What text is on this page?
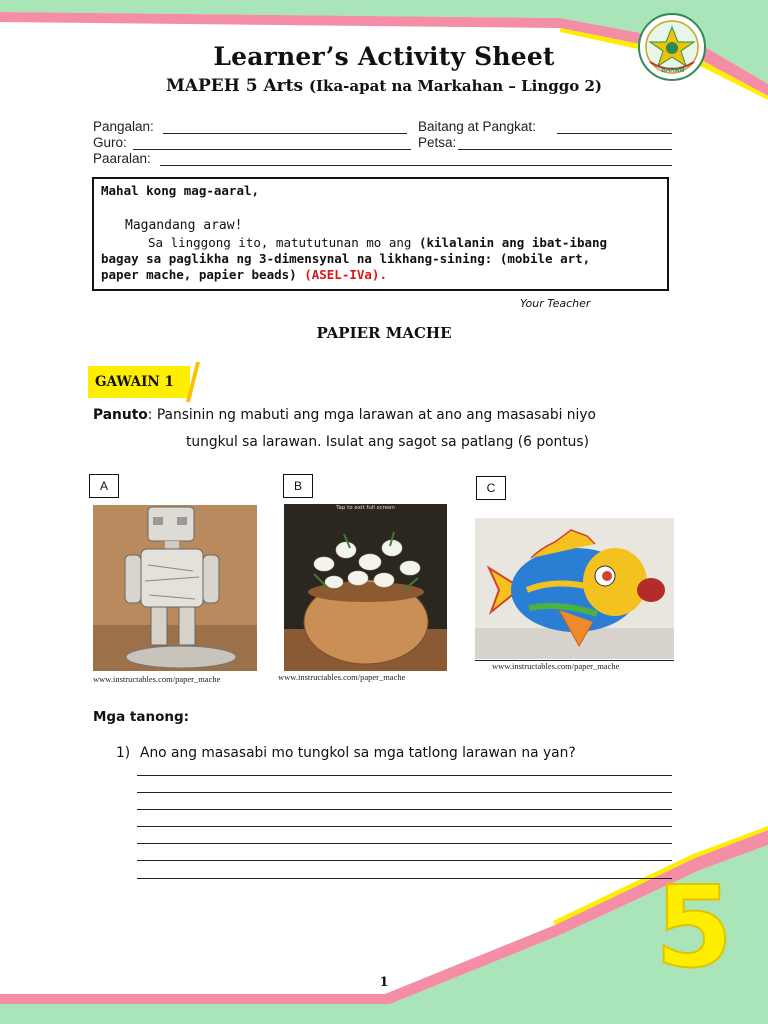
BARMM
Learner’s Activity Sheet
MAPEH 5 Arts (Ika-apat na Markahan – Linggo 2)
Pangalan:	Baitang at Pangkat:
Guro:	Petsa:
Paaralan:
Mahal kong mag-aaral,
Magandang araw!
Sa linggong ito, matututunan mo ang (kilalanin ang ibat-ibang
bagay sa paglikha ng 3-dimensynal na likhang-sining: (mobile art,
paper mache, papier beads) (ASEL-IVa).
Your Teacher
PAPIER MACHE
GAWAIN 1
Panuto: Pansinin ng mabuti ang mga larawan at ano ang masasabi niyo
tungkul sa larawan. Isulat ang sagot sa patlang (6 pontus)
A
www.instructables.com/paper_mache
B
Tap to exit full screen
www.instructables.com/paper_mache
C
www.instructables.com/paper_mache
Mga tanong:
1) Ano ang masasabi mo tungkol sa mga tatlong larawan na yan?
1	5
